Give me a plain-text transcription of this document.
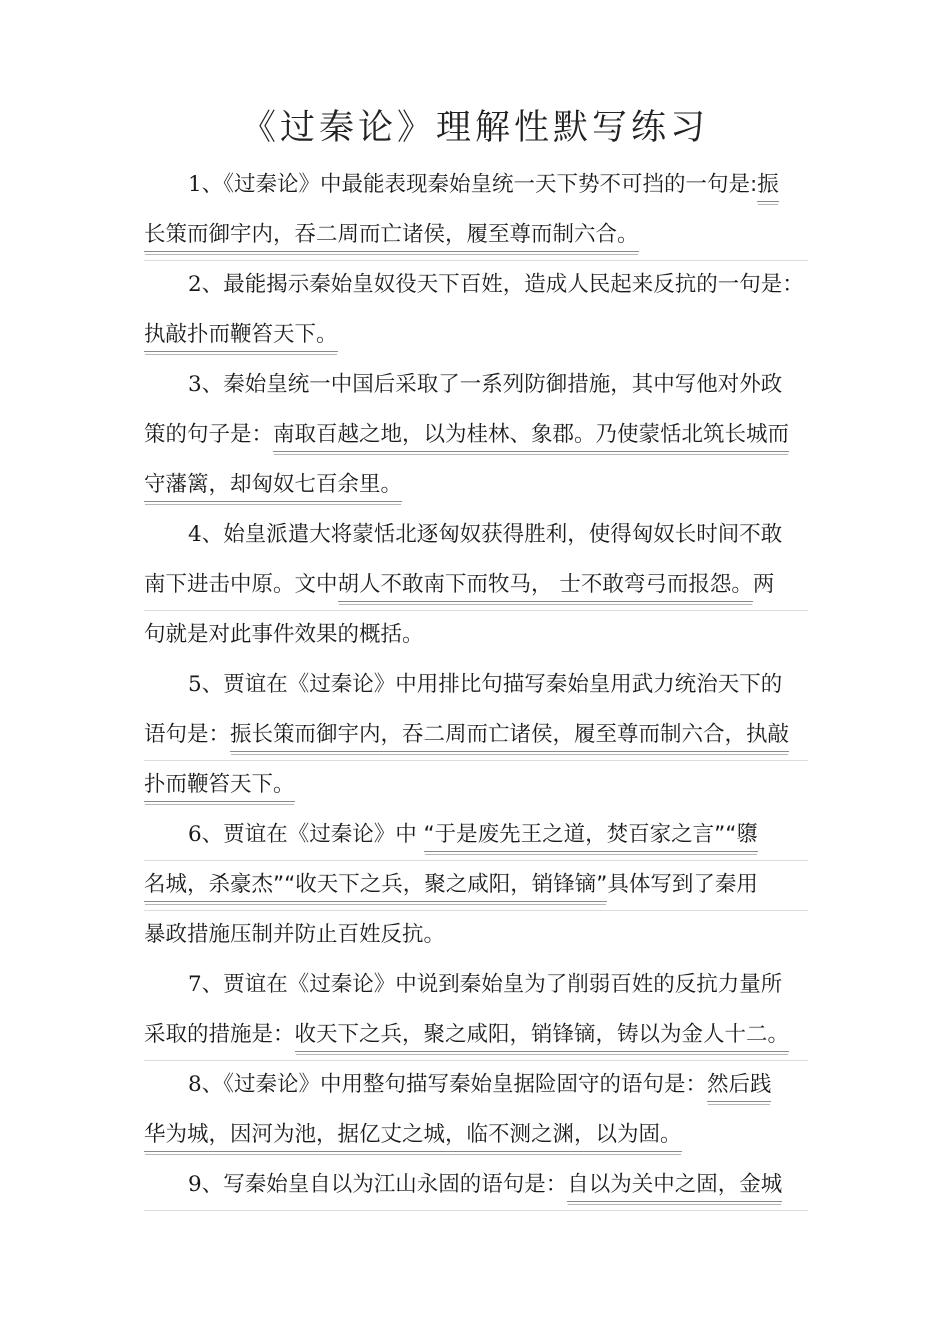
《过秦论》理解性默写练习
1、《过秦论》中最能表现秦始皇统一天下势不可挡的一句是:振
长策而御宇内，吞二周而亡诸侯，履至尊而制六合。
2、最能揭示秦始皇奴役天下百姓，造成人民起来反抗的一句是：
执敲扑而鞭笞天下。
3、秦始皇统一中国后采取了一系列防御措施，其中写他对外政
策的句子是：南取百越之地，以为桂林、象郡。乃使蒙恬北筑长城而
守藩篱，却匈奴七百余里。
4、始皇派遣大将蒙恬北逐匈奴获得胜利，使得匈奴长时间不敢
南下进击中原。文中胡人不敢南下而牧马， 士不敢弯弓而报怨。两
句就是对此事件效果的概括。
5、贾谊在《过秦论》中用排比句描写秦始皇用武力统治天下的
语句是：振长策而御宇内，吞二周而亡诸侯，履至尊而制六合，执敲
扑而鞭笞天下。
6、贾谊在《过秦论》中 “于是废先王之道，焚百家之言”“隳
名城，杀豪杰”“收天下之兵，聚之咸阳，销锋镝”具体写到了秦用
暴政措施压制并防止百姓反抗。
7、贾谊在《过秦论》中说到秦始皇为了削弱百姓的反抗力量所
采取的措施是：收天下之兵，聚之咸阳，销锋镝，铸以为金人十二。
8、《过秦论》中用整句描写秦始皇据险固守的语句是：然后践
华为城，因河为池，据亿丈之城，临不测之渊，以为固。
9、写秦始皇自以为江山永固的语句是：自以为关中之固，金城
